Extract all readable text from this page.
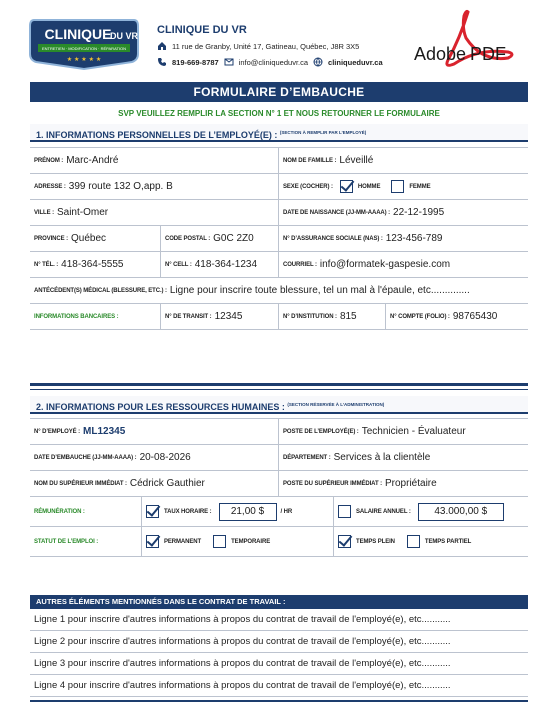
CLINIQUE
DU VR
ENTRETIEN · MODIFICATION · RÉPARATION
★ ★ ★ ★ ★
CLINIQUE DU VR
11 rue de Granby, Unité 17, Gatineau, Québec, J8R 3X5
819-669-8787	info@cliniqueduvr.ca	cliniqueduvr.ca Adobe PDF
FORMULAIRE D’EMBAUCHE
SVP VEUILLEZ REMPLIR LA SECTION N° 1 ET NOUS RETOURNER LE FORMULAIRE
1. INFORMATIONS PERSONNELLES DE L’EMPLOYÉ(E) : $^{(SECTION À REMPLIR PAR L’EMPLOYÉ)}$
PRÉNOM : Marc-André	NOM DE FAMILLE : Léveillé
ADRESSE : 399 route 132 O,app. B	SEXE (COCHER) :	HOMME	FEMME
VILLE : Saint-Omer	DATE DE NAISSANCE (JJ-MM-AAAA) : 22-12-1995
PROVINCE : Québec	CODE POSTAL : G0C 2Z0	N° D’ASSURANCE SOCIALE (NAS) : 123-456-789
N° TÉL. : 418-364-5555	N° CELL : 418-364-1234	COURRIEL : info@formatek-gaspesie.com
ANTÉCÉDENT(S) MÉDICAL (BLESSURE, ETC.) : Ligne pour inscrire toute blessure, tel un mal à l'épaule, etc..............
INFORMATIONS BANCAIRES :	N° DE TRANSIT : 12345	N° D’INSTITUTION : 815	N° COMPTE (FOLIO) : 98765430
2. INFORMATIONS POUR LES RESSOURCES HUMAINES : $^{(SECTION RÉSERVÉE À L’ADMINISTRATION)}$
N° D’EMPLOYÉ : ML12345	POSTE DE L’EMPLOYÉ(E) : Technicien - Évaluateur
DATE D’EMBAUCHE (JJ-MM-AAAA) : 20-08-2026	DÉPARTEMENT : Services à la clientèle
NOM DU SUPÉRIEUR IMMÉDIAT : Cédrick Gauthier	POSTE DU SUPÉRIEUR IMMÉDIAT : Propriétaire
RÉMUNÉRATION :	TAUX HORAIRE :	21,00 $	/ HR	SALAIRE ANNUEL :	43.000,00 $
STATUT DE L’EMPLOI :	PERMANENT	TEMPORAIRE	TEMPS PLEIN	TEMPS PARTIEL
AUTRES ÉLÉMENTS MENTIONNÉS DANS LE CONTRAT DE TRAVAIL :
Ligne 1 pour inscrire d'autres informations à propos du contrat de travail de l'employé(e), etc...........
Ligne 2 pour inscrire d'autres informations à propos du contrat de travail de l'employé(e), etc...........
Ligne 3 pour inscrire d'autres informations à propos du contrat de travail de l'employé(e), etc...........
Ligne 4 pour inscrire d'autres informations à propos du contrat de travail de l'employé(e), etc...........
